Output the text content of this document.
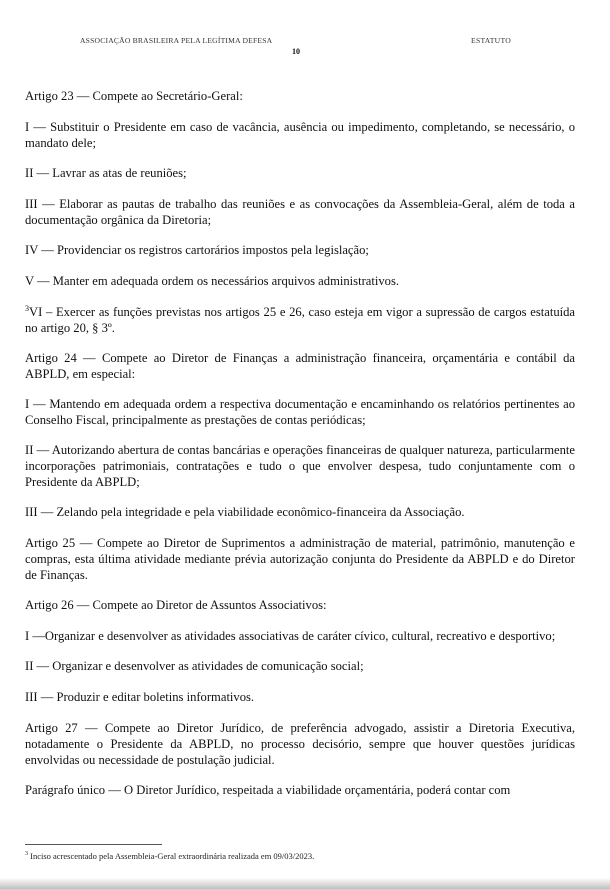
ASSOCIAÇÃO BRASILEIRA PELA LEGÍTIMA DEFESA	ESTATUTO
10

Artigo 23 — Compete ao Secretário-Geral:

I — Substituir o Presidente em caso de vacância, ausência ou impedimento, completando, se necessário, o mandato dele;

II — Lavrar as atas de reuniões;

III — Elaborar as pautas de trabalho das reuniões e as convocações da Assembleia-Geral, além de toda a documentação orgânica da Diretoria;

IV — Providenciar os registros cartorários impostos pela legislação;

V — Manter em adequada ordem os necessários arquivos administrativos.

$^3$VI – Exercer as funções previstas nos artigos 25 e 26, caso esteja em vigor a supressão de cargos estatuída no artigo 20, § 3º.

Artigo 24 — Compete ao Diretor de Finanças a administração financeira, orçamentária e contábil da ABPLD, em especial:

I — Mantendo em adequada ordem a respectiva documentação e encaminhando os relatórios pertinentes ao Conselho Fiscal, principalmente as prestações de contas periódicas;

II — Autorizando abertura de contas bancárias e operações financeiras de qualquer natureza, particularmente incorporações patrimoniais, contratações e tudo o que envolver despesa, tudo conjuntamente com o Presidente da ABPLD;

III — Zelando pela integridade e pela viabilidade econômico-financeira da Associação.

Artigo 25 — Compete ao Diretor de Suprimentos a administração de material, patrimônio, manutenção e compras, esta última atividade mediante prévia autorização conjunta do Presidente da ABPLD e do Diretor de Finanças.

Artigo 26 — Compete ao Diretor de Assuntos Associativos:

I —Organizar e desenvolver as atividades associativas de caráter cívico, cultural, recreativo e desportivo;

II — Organizar e desenvolver as atividades de comunicação social;

III — Produzir e editar boletins informativos.

Artigo 27 — Compete ao Diretor Jurídico, de preferência advogado, assistir a Diretoria Executiva, notadamente o Presidente da ABPLD, no processo decisório, sempre que houver questões jurídicas envolvidas ou necessidade de postulação judicial.

Parágrafo único — O Diretor Jurídico, respeitada a viabilidade orçamentária, poderá contar com

$^3$ Inciso acrescentado pela Assembleia-Geral extraordinária realizada em 09/03/2023.
